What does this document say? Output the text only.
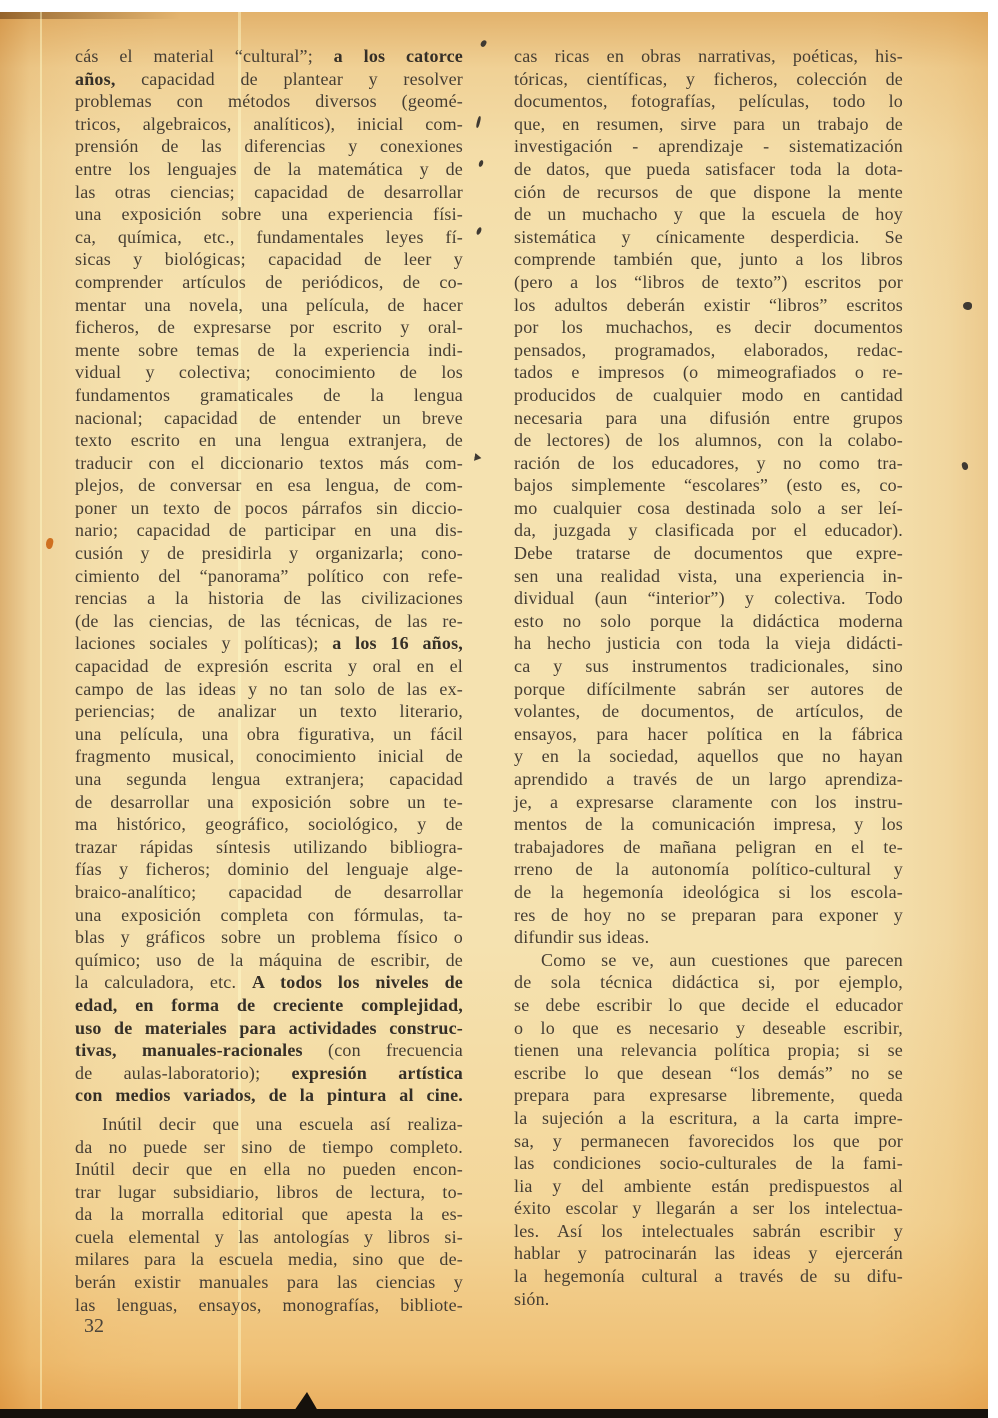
cás el material “cultural”; a los catorce
años, capacidad de plantear y resolver
problemas con métodos diversos (geomé-
tricos, algebraicos, analíticos), inicial com-
prensión de las diferencias y conexiones
entre los lenguajes de la matemática y de
las otras ciencias; capacidad de desarrollar
una exposición sobre una experiencia físi-
ca, química, etc., fundamentales leyes fí-
sicas y biológicas; capacidad de leer y
comprender artículos de periódicos, de co-
mentar una novela, una película, de hacer
ficheros, de expresarse por escrito y oral-
mente sobre temas de la experiencia indi-
vidual y colectiva; conocimiento de los
fundamentos gramaticales de la lengua
nacional; capacidad de entender un breve
texto escrito en una lengua extranjera, de
traducir con el diccionario textos más com-
plejos, de conversar en esa lengua, de com-
poner un texto de pocos párrafos sin diccio-
nario; capacidad de participar en una dis-
cusión y de presidirla y organizarla; cono-
cimiento del “panorama” político con refe-
rencias a la historia de las civilizaciones
(de las ciencias, de las técnicas, de las re-
laciones sociales y políticas); a los 16 años,
capacidad de expresión escrita y oral en el
campo de las ideas y no tan solo de las ex-
periencias; de analizar un texto literario,
una película, una obra figurativa, un fácil
fragmento musical, conocimiento inicial de
una segunda lengua extranjera; capacidad
de desarrollar una exposición sobre un te-
ma histórico, geográfico, sociológico, y de
trazar rápidas síntesis utilizando bibliogra-
fías y ficheros; dominio del lenguaje alge-
braico-analítico; capacidad de desarrollar
una exposición completa con fórmulas, ta-
blas y gráficos sobre un problema físico o
químico; uso de la máquina de escribir, de
la calculadora, etc. A todos los niveles de
edad, en forma de creciente complejidad,
uso de materiales para actividades construc-
tivas, manuales-racionales (con frecuencia
de aulas-laboratorio); expresión artística
con medios variados, de la pintura al cine.
Inútil decir que una escuela así realiza-
da no puede ser sino de tiempo completo.
Inútil decir que en ella no pueden encon-
trar lugar subsidiario, libros de lectura, to-
da la morralla editorial que apesta la es-
cuela elemental y las antologías y libros si-
milares para la escuela media, sino que de-
berán existir manuales para las ciencias y
las lenguas, ensayos, monografías, bibliote-
cas ricas en obras narrativas, poéticas, his-
tóricas, científicas, y ficheros, colección de
documentos, fotografías, películas, todo lo
que, en resumen, sirve para un trabajo de
investigación - aprendizaje - sistematización
de datos, que pueda satisfacer toda la dota-
ción de recursos de que dispone la mente
de un muchacho y que la escuela de hoy
sistemática y cínicamente desperdicia. Se
comprende también que, junto a los libros
(pero a los “libros de texto”) escritos por
los adultos deberán existir “libros” escritos
por los muchachos, es decir documentos
pensados, programados, elaborados, redac-
tados e impresos (o mimeografiados o re-
producidos de cualquier modo en cantidad
necesaria para una difusión entre grupos
de lectores) de los alumnos, con la colabo-
ración de los educadores, y no como tra-
bajos simplemente “escolares” (esto es, co-
mo cualquier cosa destinada solo a ser leí-
da, juzgada y clasificada por el educador).
Debe tratarse de documentos que expre-
sen una realidad vista, una experiencia in-
dividual (aun “interior”) y colectiva. Todo
esto no solo porque la didáctica moderna
ha hecho justicia con toda la vieja didácti-
ca y sus instrumentos tradicionales, sino
porque difícilmente sabrán ser autores de
volantes, de documentos, de artículos, de
ensayos, para hacer política en la fábrica
y en la sociedad, aquellos que no hayan
aprendido a través de un largo aprendiza-
je, a expresarse claramente con los instru-
mentos de la comunicación impresa, y los
trabajadores de mañana peligran en el te-
rreno de la autonomía político-cultural y
de la hegemonía ideológica si los escola-
res de hoy no se preparan para exponer y
difundir sus ideas.
Como se ve, aun cuestiones que parecen
de sola técnica didáctica si, por ejemplo,
se debe escribir lo que decide el educador
o lo que es necesario y deseable escribir,
tienen una relevancia política propia; si se
escribe lo que desean “los demás” no se
prepara para expresarse libremente, queda
la sujeción a la escritura, a la carta impre-
sa, y permanecen favorecidos los que por
las condiciones socio-culturales de la fami-
lia y del ambiente están predispuestos al
éxito escolar y llegarán a ser los intelectua-
les. Así los intelectuales sabrán escribir y
hablar y patrocinarán las ideas y ejercerán
la hegemonía cultural a través de su difu-
sión.
32
